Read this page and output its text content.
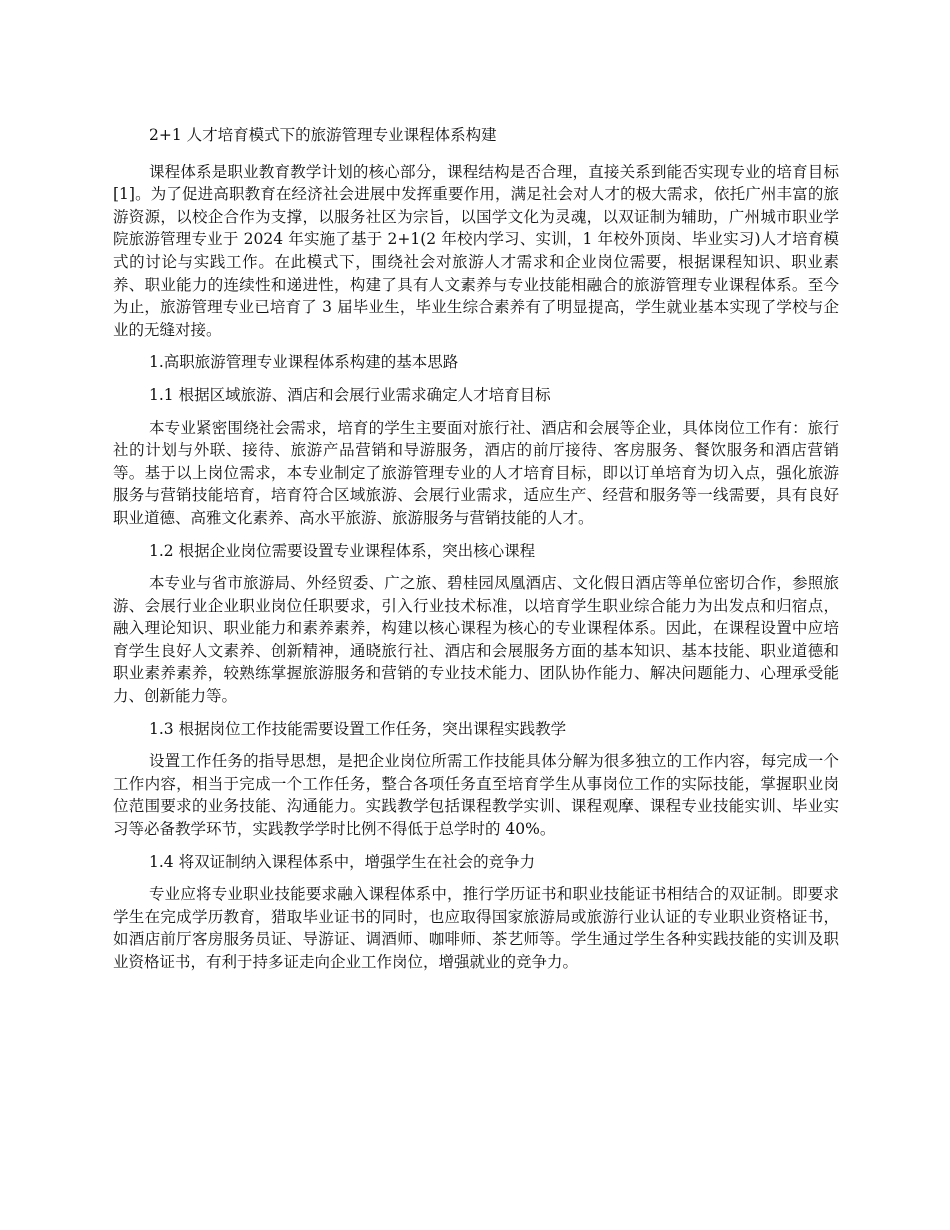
2+1 人才培育模式下的旅游管理专业课程体系构建

课程体系是职业教育教学计划的核心部分，课程结构是否合理，直接关系到能否实现专业的培育目标[1]。为了促进高职教育在经济社会进展中发挥重要作用，满足社会对人才的极大需求，依托广州丰富的旅游资源，以校企合作为支撑，以服务社区为宗旨，以国学文化为灵魂，以双证制为辅助，广州城市职业学院旅游管理专业于 2024 年实施了基于 2+1(2 年校内学习、实训，1 年校外顶岗、毕业实习)人才培育模式的讨论与实践工作。在此模式下，围绕社会对旅游人才需求和企业岗位需要，根据课程知识、职业素养、职业能力的连续性和递进性，构建了具有人文素养与专业技能相融合的旅游管理专业课程体系。至今为止，旅游管理专业已培育了 3 届毕业生，毕业生综合素养有了明显提高，学生就业基本实现了学校与企业的无缝对接。

1.高职旅游管理专业课程体系构建的基本思路

1.1 根据区域旅游、酒店和会展行业需求确定人才培育目标

本专业紧密围绕社会需求，培育的学生主要面对旅行社、酒店和会展等企业，具体岗位工作有：旅行社的计划与外联、接待、旅游产品营销和导游服务，酒店的前厅接待、客房服务、餐饮服务和酒店营销等。基于以上岗位需求，本专业制定了旅游管理专业的人才培育目标，即以订单培育为切入点，强化旅游服务与营销技能培育，培育符合区域旅游、会展行业需求，适应生产、经营和服务等一线需要，具有良好职业道德、高雅文化素养、高水平旅游、旅游服务与营销技能的人才。

1.2 根据企业岗位需要设置专业课程体系，突出核心课程

本专业与省市旅游局、外经贸委、广之旅、碧桂园凤凰酒店、文化假日酒店等单位密切合作，参照旅游、会展行业企业职业岗位任职要求，引入行业技术标准，以培育学生职业综合能力为出发点和归宿点，融入理论知识、职业能力和素养素养，构建以核心课程为核心的专业课程体系。因此，在课程设置中应培育学生良好人文素养、创新精神，通晓旅行社、酒店和会展服务方面的基本知识、基本技能、职业道德和职业素养素养，较熟练掌握旅游服务和营销的专业技术能力、团队协作能力、解决问题能力、心理承受能力、创新能力等。

1.3 根据岗位工作技能需要设置工作任务，突出课程实践教学

设置工作任务的指导思想，是把企业岗位所需工作技能具体分解为很多独立的工作内容，每完成一个工作内容，相当于完成一个工作任务，整合各项任务直至培育学生从事岗位工作的实际技能，掌握职业岗位范围要求的业务技能、沟通能力。实践教学包括课程教学实训、课程观摩、课程专业技能实训、毕业实习等必备教学环节，实践教学学时比例不得低于总学时的 40%。

1.4 将双证制纳入课程体系中，增强学生在社会的竞争力

专业应将专业职业技能要求融入课程体系中，推行学历证书和职业技能证书相结合的双证制。即要求学生在完成学历教育，猎取毕业证书的同时，也应取得国家旅游局或旅游行业认证的专业职业资格证书，如酒店前厅客房服务员证、导游证、调酒师、咖啡师、茶艺师等。学生通过学生各种实践技能的实训及职业资格证书，有利于持多证走向企业工作岗位，增强就业的竞争力。
